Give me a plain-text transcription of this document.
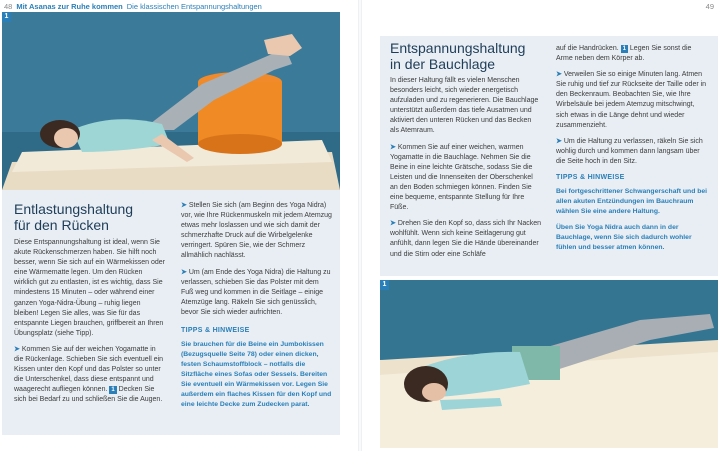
48 Mit Asanas zur Ruhe kommen Die klassischen Entspannungshaltungen
1
Entlastungshaltung
für den Rücken

Diese Entspannungshaltung ist ideal, wenn Sie akute Rückenschmerzen haben. Sie hilft noch besser, wenn Sie sich auf ein Wärmekissen oder eine Wärmematte legen. Um den Rücken wirklich gut zu entlasten, ist es wichtig, dass Sie mindestens 15 Minuten – oder während einer ganzen Yoga-Nidra-Übung – ruhig liegen bleiben! Legen Sie alles, was Sie für das entspannte Liegen brauchen, griffbereit an Ihren Übungsplatz (siehe Tipp).

➤ Kommen Sie auf der weichen Yogamatte in die Rückenlage. Schieben Sie sich eventuell ein Kissen unter den Kopf und das Polster so unter die Unterschenkel, dass diese entspannt und waagerecht aufliegen können. 1 Decken Sie sich bei Bedarf zu und schließen Sie die Augen.

➤ Stellen Sie sich (am Beginn des Yoga Nidra) vor, wie Ihre Rückenmuskeln mit jedem Atemzug etwas mehr loslassen und wie sich damit der schmerzhafte Druck auf die Wirbelgelenke verringert. Spüren Sie, wie der Schmerz allmählich nachlässt.

➤ Um (am Ende des Yoga Nidra) die Haltung zu verlassen, schieben Sie das Polster mit dem Fuß weg und kommen in die Seitlage – einige Atemzüge lang. Räkeln Sie sich genüsslich, bevor Sie sich wieder aufrichten.

TIPPS & HINWEISE

Sie brauchen für die Beine ein Jumbokissen (Bezugsquelle Seite 78) oder einen dicken, festen Schaumstoffblock – notfalls die Sitzfläche eines Sofas oder Sessels. Bereiten Sie eventuell ein Wärmekissen vor. Legen Sie außerdem ein flaches Kissen für den Kopf und eine leichte Decke zum Zudecken parat.

49
Entspannungshaltung
in der Bauchlage

In dieser Haltung fällt es vielen Menschen besonders leicht, sich wieder energetisch aufzuladen und zu regenerieren. Die Bauchlage unterstützt außerdem das tiefe Ausatmen und aktiviert den unteren Rücken und das Becken als Atemraum.

➤ Kommen Sie auf einer weichen, warmen Yogamatte in die Bauchlage. Nehmen Sie die Beine in eine leichte Grätsche, sodass Sie die Leisten und die Innenseiten der Oberschenkel an den Boden schmiegen können. Finden Sie eine bequeme, entspannte Stellung für Ihre Füße.

➤ Drehen Sie den Kopf so, dass sich Ihr Nacken wohlfühlt. Wenn sich keine Seitlagerung gut anfühlt, dann legen Sie die Hände übereinander und die Stirn oder eine Schläfe

auf die Handrücken. 1 Legen Sie sonst die Arme neben dem Körper ab.

➤ Verweilen Sie so einige Minuten lang. Atmen Sie ruhig und tief zur Rückseite der Taille oder in den Beckenraum. Beobachten Sie, wie Ihre Wirbelsäule bei jedem Atemzug mitschwingt, sich etwas in die Länge dehnt und wieder zusammenzieht.

➤ Um die Haltung zu verlassen, räkeln Sie sich wohlig durch und kommen dann langsam über die Seite hoch in den Sitz.

TIPPS & HINWEISE

Bei fortgeschrittener Schwangerschaft und bei allen akuten Entzündungen im Bauchraum wählen Sie eine andere Haltung.

Üben Sie Yoga Nidra auch dann in der Bauchlage, wenn Sie sich dadurch wohler fühlen und besser atmen können.

1
